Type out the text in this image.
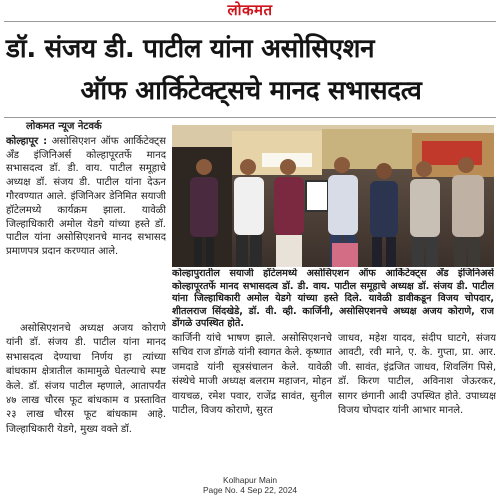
लोकमत
डॉ. संजय डी. पाटील यांना असोसिएशन
ऑफ आर्किटेक्ट्सचे मानद सभासदत्व
लोकमत न्यूज नेटवर्क
कोल्हापूर : असोसिएशन ऑफ आर्किटेक्ट्स अँड इंजिनिअर्स कोल्हापूरतर्फे मानद सभासदत्व डॉ. डी. वाय. पाटील समूहाचे अध्यक्ष डॉ. संजय डी. पाटील यांना देऊन गौरवण्यात आले. इंजिनिअर डेनिमित सयाजी हॉटेलमध्ये कार्यक्रम झाला. यावेळी जिल्हाधिकारी अमोल येडगे यांच्या हस्ते डॉ. पाटील यांना असोसिएशनचे मानद सभासद प्रमाणपत्र प्रदान करण्यात आले.
कोल्हापुरातील सयाजी हॉटेलमध्ये असोसिएशन ऑफ आर्किटेक्ट्स अँड इंजिनिअर्स कोल्हापूरतर्फे मानद सभासदत्व डॉ. डी. वाय. पाटील समूहाचे अध्यक्ष डॉ. संजय डी. पाटील यांना जिल्हाधिकारी अमोल येडगे यांच्या हस्ते दिले. यावेळी डावीकडून विजय चोपदार, शीतलराज सिंदखेडे, डॉ. वी. व्ही. कार्जिनी, असोसिएशनचे अध्यक्ष अजय कोराणे, राज डोंगळे उपस्थित होते.
असोसिएशनचे अध्यक्ष अजय कोराणे यांनी डॉ. संजय डी. पाटील यांना मानद सभासदत्व देण्याचा निर्णय हा त्यांच्या बांधकाम क्षेत्रातील कामामुळे घेतल्याचे स्पष्ट केले. डॉ. संजय पाटील म्हणाले, आतापर्यंत ४७ लाख चौरस फूट बांधकाम व प्रस्तावित २३ लाख चौरस फूट बांधकाम आहे. जिल्हाधिकारी येडगे, मुख्य वक्ते डॉ.
कार्जिनी यांचे भाषण झाले. असोसिएशनचे सचिव राज डोंगळे यांनी स्वागत केले. कृष्णात जमदाडे यांनी सूत्रसंचालन केले. यावेळी संस्थेचे माजी अध्यक्ष बलराम महाजन, मोहन वायचळ, रमेश पवार, राजेंद्र सावंत, सुनील पाटील, विजय कोराणे, सुरत
जाधव, महेश यादव, संदीप घाटगे, संजय आवटी, रवी माने, ए. के. गुप्ता, प्रा. आर. जी. सावंत, इंद्रजित जाधव, शिवलिंग पिसे, डॉ. किरण पाटील, अविनाश जेऊरकर, सागर छंगानी आदी उपस्थित होते. उपाध्यक्ष विजय चोपदार यांनी आभार मानले.
Kolhapur Main
Page No. 4 Sep 22, 2024
